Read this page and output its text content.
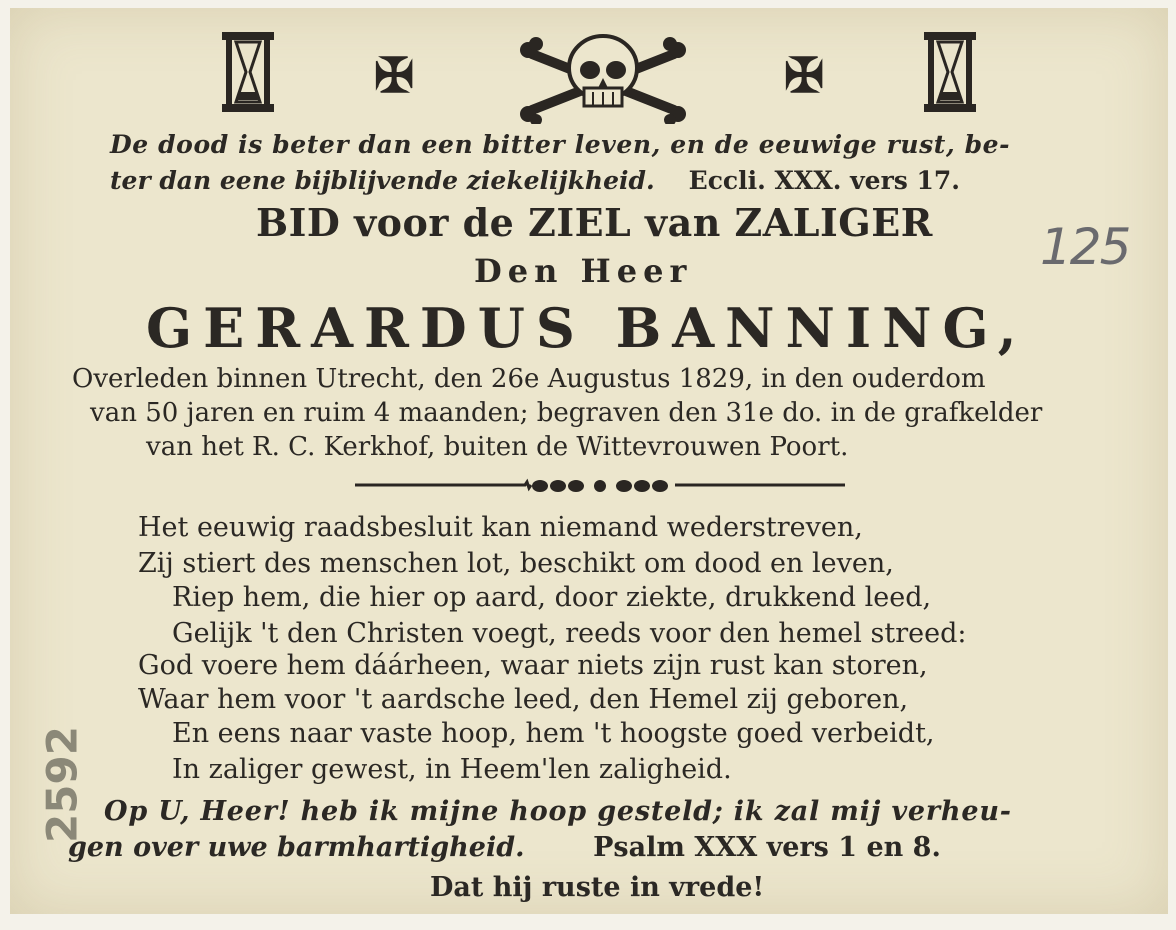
✠	✠
De dood is beter dan een bitter leven, en de eeuwige rust, be-
ter dan eene bijblijvende ziekelijkheid. Eccli. XXX. vers 17.
BID voor de ZIEL van ZALIGER
Den Heer
GERARDUS BANNING,
Overleden binnen Utrecht, den 26e Augustus 1829, in den ouderdom
van 50 jaren en ruim 4 maanden; begraven den 31e do. in de grafkelder
van het R. C. Kerkhof, buiten de Wittevrouwen Poort.
Het eeuwig raadsbesluit kan niemand wederstreven,
Zij stiert des menschen lot, beschikt om dood en leven,
Riep hem, die hier op aard, door ziekte, drukkend leed,
Gelijk 't den Christen voegt, reeds voor den hemel streed:
God voere hem dáárheen, waar niets zijn rust kan storen,
Waar hem voor 't aardsche leed, den Hemel zij geboren,
En eens naar vaste hoop, hem 't hoogste goed verbeidt,
In zaliger gewest, in Heem'len zaligheid.
Op U, Heer! heb ik mijne hoop gesteld; ik zal mij verheu-
gen over uwe barmhartigheid.	Psalm XXX vers 1 en 8.
Dat hij ruste in vrede!
125
2592
